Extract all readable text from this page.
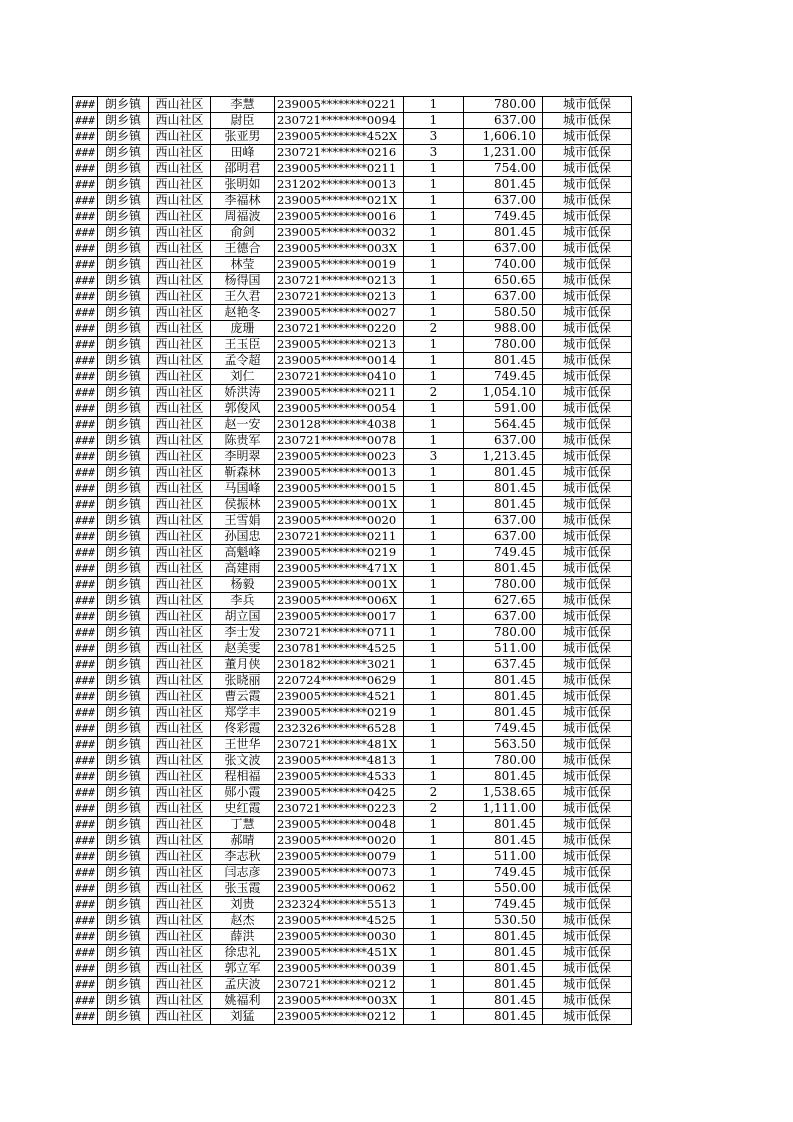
###	朗乡镇	西山社区	李慧	239005********0221	1	780.00	城市低保
###	朗乡镇	西山社区	尉臣	230721********0094	1	637.00	城市低保
###	朗乡镇	西山社区	张亚男	239005********452X	3	1,606.10	城市低保
###	朗乡镇	西山社区	田峰	230721********0216	3	1,231.00	城市低保
###	朗乡镇	西山社区	邵明君	239005********0211	1	754.00	城市低保
###	朗乡镇	西山社区	张明如	231202********0013	1	801.45	城市低保
###	朗乡镇	西山社区	李福林	239005********021X	1	637.00	城市低保
###	朗乡镇	西山社区	周福波	239005********0016	1	749.45	城市低保
###	朗乡镇	西山社区	俞剑	239005********0032	1	801.45	城市低保
###	朗乡镇	西山社区	王德合	239005********003X	1	637.00	城市低保
###	朗乡镇	西山社区	林莹	239005********0019	1	740.00	城市低保
###	朗乡镇	西山社区	杨得国	230721********0213	1	650.65	城市低保
###	朗乡镇	西山社区	王久君	230721********0213	1	637.00	城市低保
###	朗乡镇	西山社区	赵艳冬	239005********0027	1	580.50	城市低保
###	朗乡镇	西山社区	庞珊	230721********0220	2	988.00	城市低保
###	朗乡镇	西山社区	王玉臣	239005********0213	1	780.00	城市低保
###	朗乡镇	西山社区	孟令超	239005********0014	1	801.45	城市低保
###	朗乡镇	西山社区	刘仁	230721********0410	1	749.45	城市低保
###	朗乡镇	西山社区	娇洪涛	239005********0211	2	1,054.10	城市低保
###	朗乡镇	西山社区	郭俊风	239005********0054	1	591.00	城市低保
###	朗乡镇	西山社区	赵一安	230128********4038	1	564.45	城市低保
###	朗乡镇	西山社区	陈贵军	230721********0078	1	637.00	城市低保
###	朗乡镇	西山社区	李明翠	239005********0023	3	1,213.45	城市低保
###	朗乡镇	西山社区	靳森林	239005********0013	1	801.45	城市低保
###	朗乡镇	西山社区	马国峰	239005********0015	1	801.45	城市低保
###	朗乡镇	西山社区	侯振林	239005********001X	1	801.45	城市低保
###	朗乡镇	西山社区	王雪娟	239005********0020	1	637.00	城市低保
###	朗乡镇	西山社区	孙国忠	230721********0211	1	637.00	城市低保
###	朗乡镇	西山社区	高魁峰	239005********0219	1	749.45	城市低保
###	朗乡镇	西山社区	高建雨	239005********471X	1	801.45	城市低保
###	朗乡镇	西山社区	杨毅	239005********001X	1	780.00	城市低保
###	朗乡镇	西山社区	李兵	239005********006X	1	627.65	城市低保
###	朗乡镇	西山社区	胡立国	239005********0017	1	637.00	城市低保
###	朗乡镇	西山社区	李士发	230721********0711	1	780.00	城市低保
###	朗乡镇	西山社区	赵美雯	230781********4525	1	511.00	城市低保
###	朗乡镇	西山社区	董月侠	230182********3021	1	637.45	城市低保
###	朗乡镇	西山社区	张晓丽	220724********0629	1	801.45	城市低保
###	朗乡镇	西山社区	曹云霞	239005********4521	1	801.45	城市低保
###	朗乡镇	西山社区	郑学丰	239005********0219	1	801.45	城市低保
###	朗乡镇	西山社区	佟彩霞	232326********6528	1	749.45	城市低保
###	朗乡镇	西山社区	王世华	230721********481X	1	563.50	城市低保
###	朗乡镇	西山社区	张文波	239005********4813	1	780.00	城市低保
###	朗乡镇	西山社区	程相福	239005********4533	1	801.45	城市低保
###	朗乡镇	西山社区	郧小霞	239005********0425	2	1,538.65	城市低保
###	朗乡镇	西山社区	史红霞	230721********0223	2	1,111.00	城市低保
###	朗乡镇	西山社区	丁慧	239005********0048	1	801.45	城市低保
###	朗乡镇	西山社区	郝晴	239005********0020	1	801.45	城市低保
###	朗乡镇	西山社区	李志秋	239005********0079	1	511.00	城市低保
###	朗乡镇	西山社区	闫志彦	239005********0073	1	749.45	城市低保
###	朗乡镇	西山社区	张玉霞	239005********0062	1	550.00	城市低保
###	朗乡镇	西山社区	刘贵	232324********5513	1	749.45	城市低保
###	朗乡镇	西山社区	赵杰	239005********4525	1	530.50	城市低保
###	朗乡镇	西山社区	薛洪	239005********0030	1	801.45	城市低保
###	朗乡镇	西山社区	徐忠礼	239005********451X	1	801.45	城市低保
###	朗乡镇	西山社区	郭立军	239005********0039	1	801.45	城市低保
###	朗乡镇	西山社区	孟庆波	230721********0212	1	801.45	城市低保
###	朗乡镇	西山社区	姚福利	239005********003X	1	801.45	城市低保
###	朗乡镇	西山社区	刘猛	239005********0212	1	801.45	城市低保
